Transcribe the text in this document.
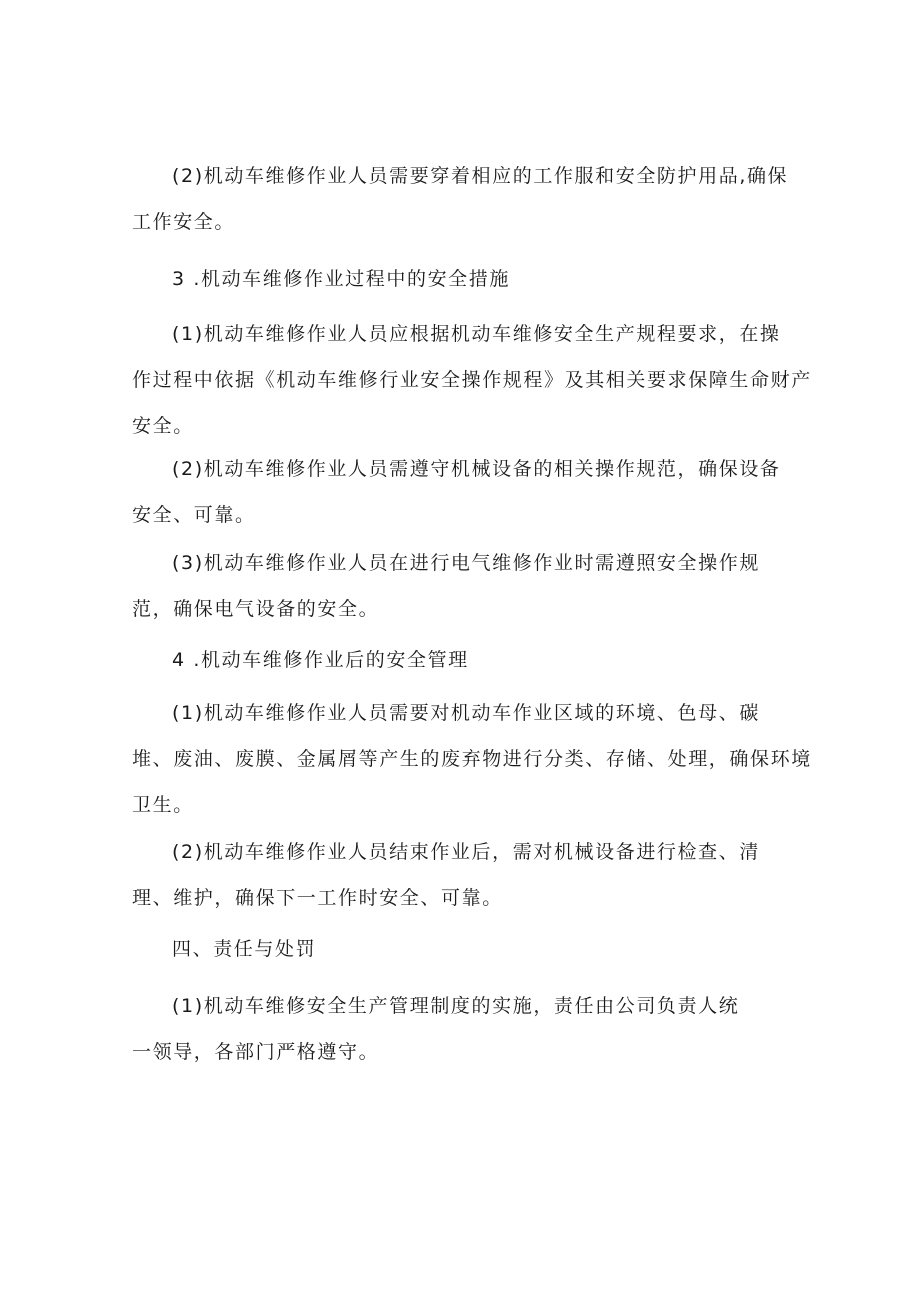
(2)机动车维修作业人员需要穿着相应的工作服和安全防护用品,确保
工作安全。

3 .机动车维修作业过程中的安全措施

(1)机动车维修作业人员应根据机动车维修安全生产规程要求，在操
作过程中依据《机动车维修行业安全操作规程》及其相关要求保障生命财产
安全。

(2)机动车维修作业人员需遵守机械设备的相关操作规范，确保设备
安全、可靠。

(3)机动车维修作业人员在进行电气维修作业时需遵照安全操作规
范，确保电气设备的安全。

4 .机动车维修作业后的安全管理

(1)机动车维修作业人员需要对机动车作业区域的环境、色母、碳
堆、废油、废膜、金属屑等产生的废弃物进行分类、存储、处理，确保环境
卫生。

(2)机动车维修作业人员结束作业后，需对机械设备进行检查、清
理、维护，确保下一工作时安全、可靠。

四、责任与处罚

(1)机动车维修安全生产管理制度的实施，责任由公司负责人统
一领导，各部门严格遵守。
